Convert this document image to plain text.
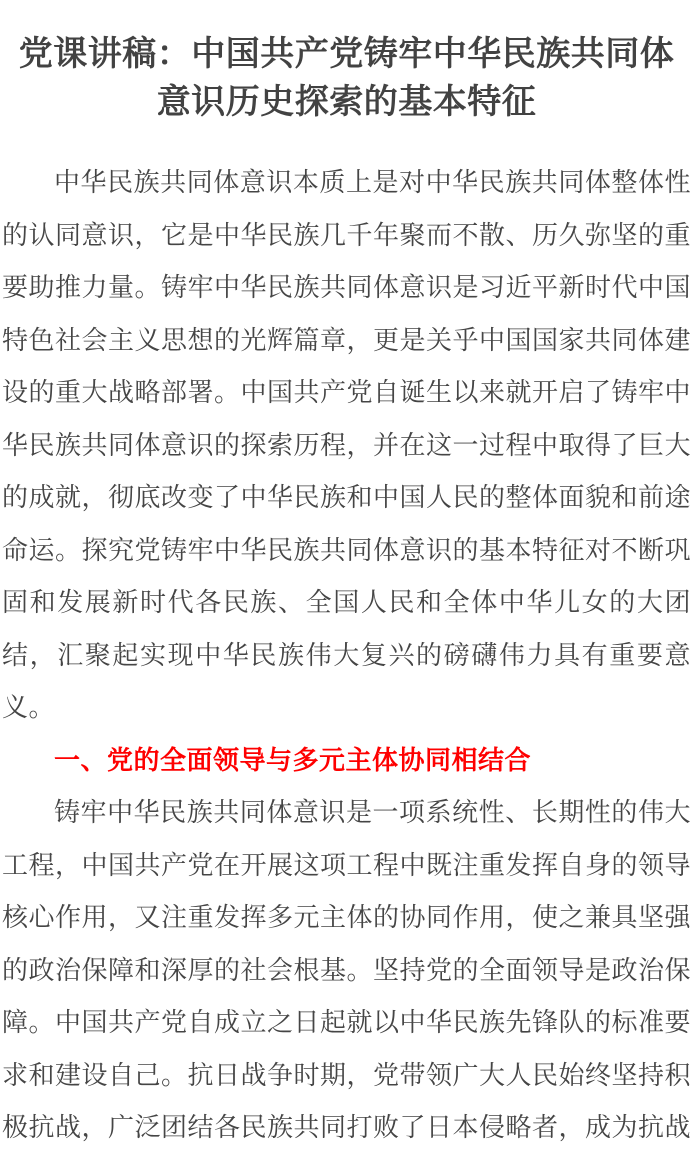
党课讲稿：中国共产党铸牢中华民族共同体意识历史探索的基本特征

中华民族共同体意识本质上是对中华民族共同体整体性的认同意识，它是中华民族几千年聚而不散、历久弥坚的重要助推力量。铸牢中华民族共同体意识是习近平新时代中国特色社会主义思想的光辉篇章，更是关乎中国国家共同体建设的重大战略部署。中国共产党自诞生以来就开启了铸牢中华民族共同体意识的探索历程，并在这一过程中取得了巨大的成就，彻底改变了中华民族和中国人民的整体面貌和前途命运。探究党铸牢中华民族共同体意识的基本特征对不断巩固和发展新时代各民族、全国人民和全体中华儿女的大团结，汇聚起实现中华民族伟大复兴的磅礴伟力具有重要意义。

一、党的全面领导与多元主体协同相结合

铸牢中华民族共同体意识是一项系统性、长期性的伟大工程，中国共产党在开展这项工程中既注重发挥自身的领导核心作用，又注重发挥多元主体的协同作用，使之兼具坚强的政治保障和深厚的社会根基。坚持党的全面领导是政治保障。中国共产党自成立之日起就以中华民族先锋队的标准要求和建设自己。抗日战争时期，党带领广大人民始终坚持积极抗战，广泛团结各民族共同打败了日本侵略者，成为抗战
